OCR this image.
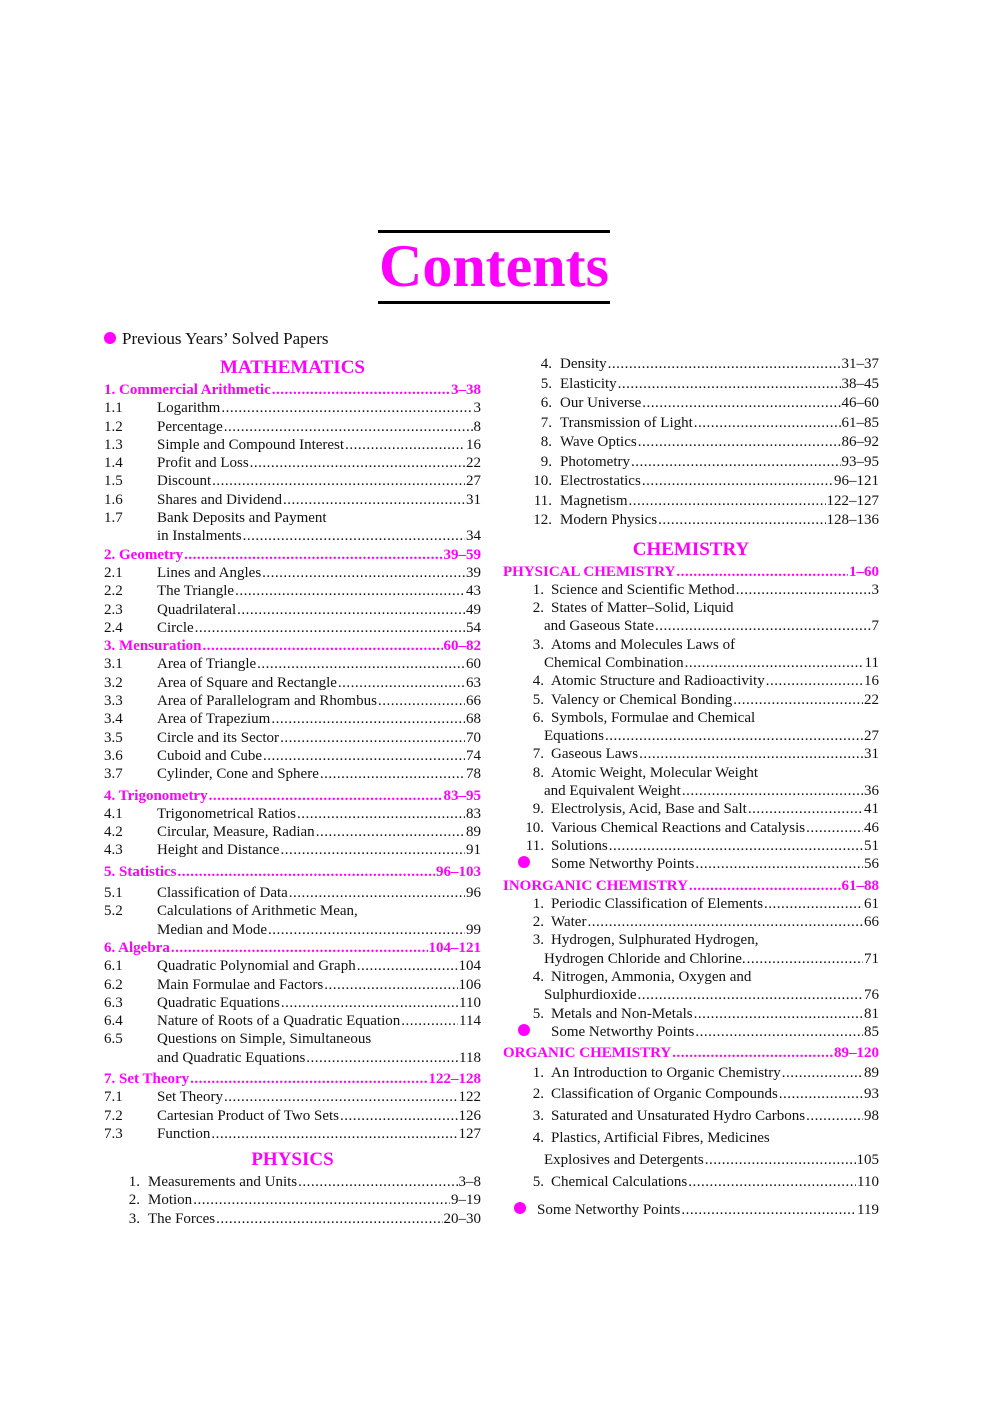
Contents
Previous Years’ Solved Papers
MATHEMATICS
1. Commercial Arithmetic .....	3–38
1.1	Logarithm .....	3
1.2	Percentage .....	8
1.3	Simple and Compound Interest .....	16
1.4	Profit and Loss .....	22
1.5	Discount .....	27
1.6	Shares and Dividend .....	31
1.7	Bank Deposits and Payment
in Instalments .....	34
2. Geometry .....	39–59
2.1	Lines and Angles .....	39
2.2	The Triangle .....	43
2.3	Quadrilateral .....	49
2.4	Circle .....	54
3. Mensuration .....	60–82
3.1	Area of Triangle .....	60
3.2	Area of Square and Rectangle .....	63
3.3	Area of Parallelogram and Rhombus .....	66
3.4	Area of Trapezium .....	68
3.5	Circle and its Sector .....	70
3.6	Cuboid and Cube .....	74
3.7	Cylinder, Cone and Sphere .....	78
4. Trigonometry .....	83–95
4.1	Trigonometrical Ratios .....	83
4.2	Circular, Measure, Radian .....	89
4.3	Height and Distance .....	91
5. Statistics .....	96–103
5.1	Classification of Data .....	96
5.2	Calculations of Arithmetic Mean,
Median and Mode .....	99
6. Algebra .....	104–121
6.1	Quadratic Polynomial and Graph .....	104
6.2	Main Formulae and Factors .....	106
6.3	Quadratic Equations .....	110
6.4	Nature of Roots of a Quadratic Equation .....	114
6.5	Questions on Simple, Simultaneous
and Quadratic Equations .....	118
7. Set Theory .....	122–128
7.1	Set Theory .....	122
7.2	Cartesian Product of Two Sets .....	126
7.3	Function .....	127
PHYSICS
1. Measurements and Units .....	3–8
2. Motion .....	9–19
3. The Forces .....	20–30
4. Density .....	31–37
5. Elasticity .....	38–45
6. Our Universe .....	46–60
7. Transmission of Light .....	61–85
8. Wave Optics .....	86–92
9. Photometry .....	93–95
10. Electrostatics .....	96–121
11. Magnetism .....	122–127
12. Modern Physics .....	128–136
CHEMISTRY
PHYSICAL CHEMISTRY .....	1–60
1. Science and Scientific Method .....	3
2. States of Matter–Solid, Liquid
and Gaseous State .....	7
3. Atoms and Molecules Laws of
Chemical Combination .....	11
4. Atomic Structure and Radioactivity .....	16
5. Valency or Chemical Bonding .....	22
6. Symbols, Formulae and Chemical
Equations .....	27
7. Gaseous Laws .....	31
8. Atomic Weight, Molecular Weight
and Equivalent Weight .....	36
9. Electrolysis, Acid, Base and Salt .....	41
10. Various Chemical Reactions and Catalysis .....	46
11. Solutions .....	51
Some Networthy Points .....	56
INORGANIC CHEMISTRY .....	61–88
1. Periodic Classification of Elements .....	61
2. Water .....	66
3. Hydrogen, Sulphurated Hydrogen,
Hydrogen Chloride and Chlorine. .....	71
4. Nitrogen, Ammonia, Oxygen and
Sulphurdioxide .....	76
5. Metals and Non-Metals .....	81
Some Networthy Points .....	85
ORGANIC CHEMISTRY .....	89–120
1. An Introduction to Organic Chemistry .....	89
2. Classification of Organic Compounds .....	93
3. Saturated and Unsaturated Hydro Carbons .....	98
4. Plastics, Artificial Fibres, Medicines
Explosives and Detergents .....	105
5. Chemical Calculations .....	110
Some Networthy Points .....	119
